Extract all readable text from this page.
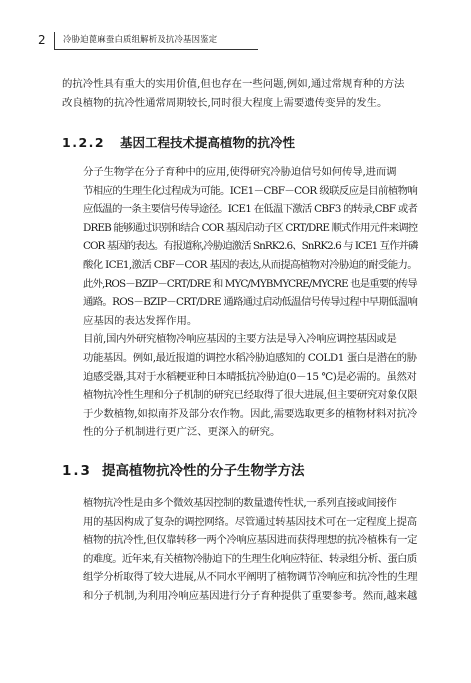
2 冷胁迫蓖麻蚕白质组解析及抗冷基因鉴定

的抗冷性具有重大的实用价值,但也存在一些问题,例如,通过常规育种的方法
改良植物的抗冷性通常周期较长,同时很大程度上需要遗传变异的发生。

1.2.2 基因工程技术提高植物的抗冷性

分子生物学在分子育种中的应用,使得研究冷胁迫信号如何传导,进而调
节相应的生理生化过程成为可能。ICE1－CBF－COR 级联反应是目前植物响
应低温的一条主要信号传导途径。ICE1 在低温下激活 CBF3 的转录,CBF 或者
DREB 能够通过识别和结合 COR 基因启动子区 CRT/DRE 顺式作用元件来调控
COR 基因的表达。有报道称,冷胁迫激活 SnRK2.6、SnRK2.6 与 ICE1 互作并磷
酸化 ICE1,激活 CBF－COR 基因的表达,从而提高植物对冷胁迫的耐受能力。
此外,ROS－BZIP－CRT/DRE 和 MYC/MYBMYCRE/MYCRE 也是重要的传导
通路。ROS－BZIP－CRT/DRE 通路通过启动低温信号传导过程中早期低温响
应基因的表达发挥作用。

目前,国内外研究植物冷响应基因的主要方法是导入冷响应调控基因或是
功能基因。例如,最近报道的调控水稻冷胁迫感知的 COLD1 蛋白是潜在的胁
迫感受器,其对于水稻粳亚种日本晴抵抗冷胁迫(0－15 ℃)是必需的。虽然对
植物抗冷性生理和分子机制的研究已经取得了很大进展,但主要研究对象仅限
于少数植物,如拟南芥及部分农作物。因此,需要选取更多的植物材料对抗冷
性的分子机制进行更广泛、更深入的研究。

1.3 提高植物抗冷性的分子生物学方法

植物抗冷性是由多个微效基因控制的数量遗传性状,一系列直接或间接作
用的基因构成了复杂的调控网络。尽管通过转基因技术可在一定程度上提高
植物的抗冷性,但仅靠转移一两个冷响应基因进而获得理想的抗冷植株有一定
的难度。近年来,有关植物冷胁迫下的生理生化响应特征、转录组分析、蛋白质
组学分析取得了较大进展,从不同水平阐明了植物调节冷响应和抗冷性的生理
和分子机制,为利用冷响应基因进行分子育种提供了重要参考。然而,越来越
